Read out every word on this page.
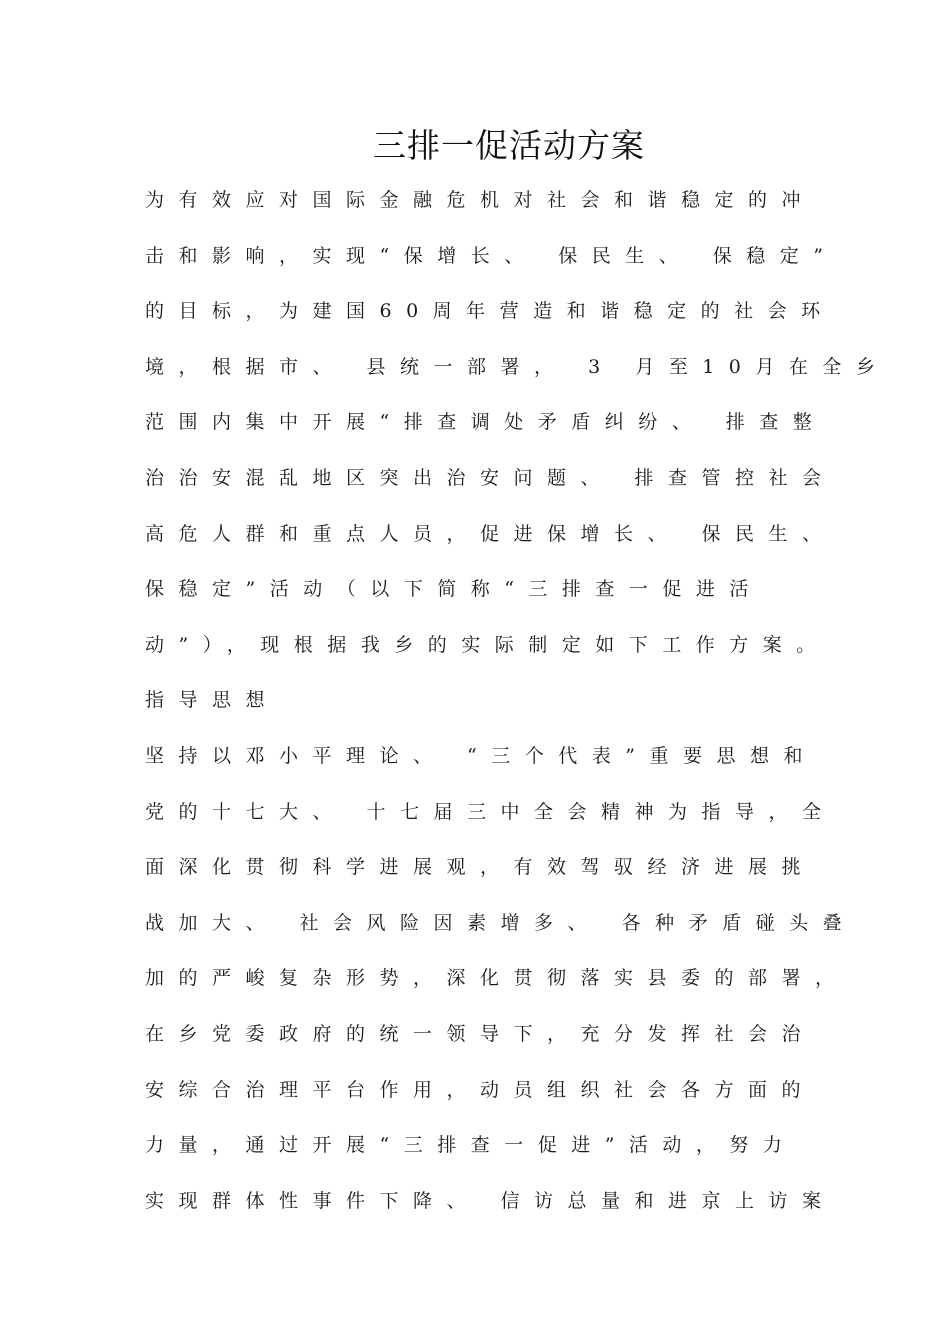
三排一促活动方案
为有效应对国际金融危机对社会和谐稳定的冲
击和影响，实现“保增长、 保民生、 保稳定”
的目标，为建国60周年营造和谐稳定的社会环
境，根据市、 县统一部署， 3 月至10月在全乡
范围内集中开展“排查调处矛盾纠纷、 排查整
治治安混乱地区突出治安问题、 排查管控社会
高危人群和重点人员，促进保增长、 保民生、
保稳定”活动（以下简称“三排查一促进活
动”），现根据我乡的实际制定如下工作方案。
指导思想
坚持以邓小平理论、 “三个代表”重要思想和
党的十七大、 十七届三中全会精神为指导，全
面深化贯彻科学进展观，有效驾驭经济进展挑
战加大、 社会风险因素增多、 各种矛盾碰头叠
加的严峻复杂形势，深化贯彻落实县委的部署，
在乡党委政府的统一领导下，充分发挥社会治
安综合治理平台作用，动员组织社会各方面的
力量，通过开展“三排查一促进”活动，努力
实现群体性事件下降、 信访总量和进京上访案
